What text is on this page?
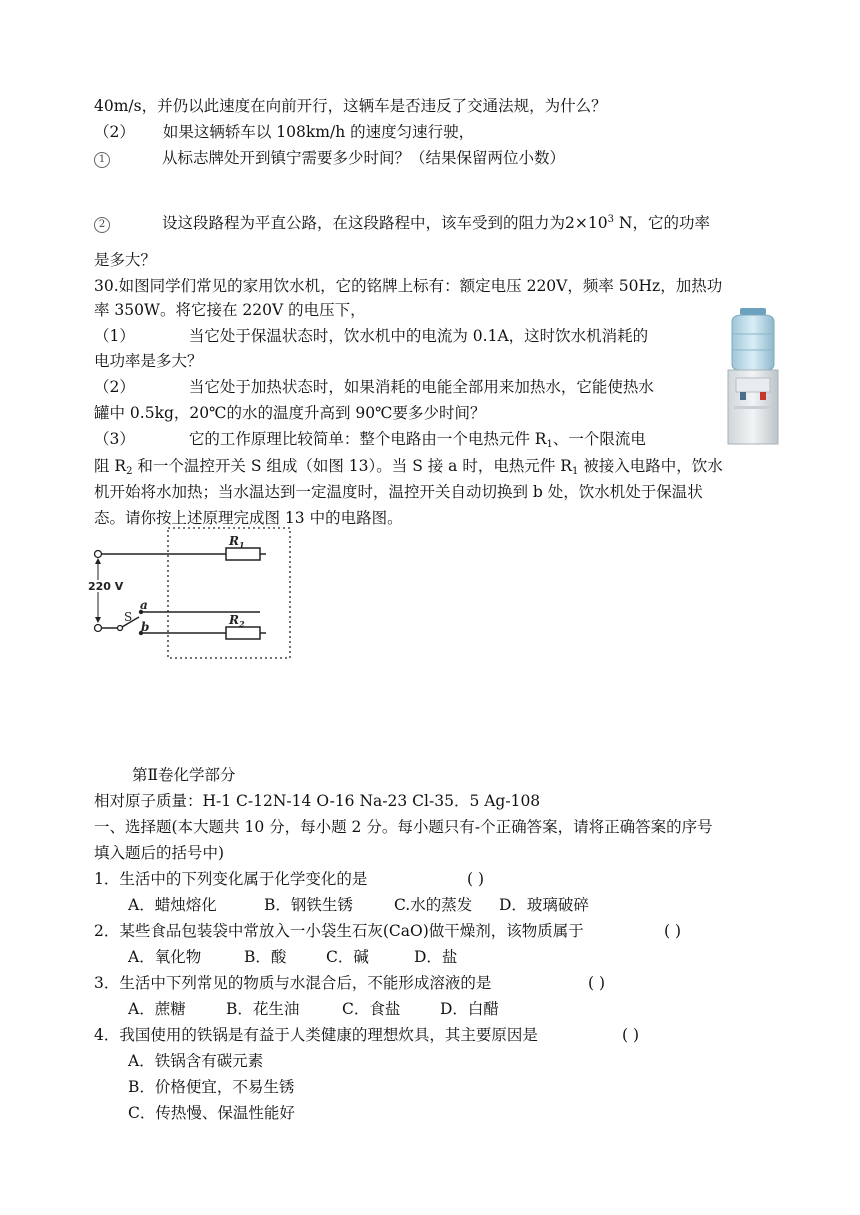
40m/s，并仍以此速度在向前开行，这辆车是否违反了交通法规，为什么？
（2） 如果这辆轿车以 108km/h 的速度匀速行驶，
1	从标志牌处开到镇宁需要多少时间？（结果保留两位小数）
2	设这段路程为平直公路，在这段路程中，该车受到的阻力为$2\times 10^3$ N，它的功率
是多大？
30.如图同学们常见的家用饮水机，它的铭牌上标有：额定电压 220V，频率 50Hz，加热功
率 350W。将它接在 220V 的电压下，
（1）	当它处于保温状态时，饮水机中的电流为 0.1A，这时饮水机消耗的
电功率是多大？
（2）	当它处于加热状态时，如果消耗的电能全部用来加热水，它能使热水
罐中 0.5kg，20℃的水的温度升高到 90℃要多少时间？
（3）	它的工作原理比较简单：整个电路由一个电热元件 $R_1$、一个限流电
阻 $R_2$ 和一个温控开关 S 组成（如图 13）。当 S 接 a 时，电热元件 $R_1$ 被接入电路中，饮水
机开始将水加热；当水温达到一定温度时，温控开关自动切换到 b 处，饮水机处于保温状
态。请你按上述原理完成图 13 中的电路图。
$R_1$
$R_2$
220 V
S
a
b
第Ⅱ卷化学部分
相对原子质量：H-1 C-12N-14 O-16 Na-23 Cl-35．5 Ag-108
一、选择题(本大题共 10 分，每小题 2 分。每小题只有-个正确答案，请将正确答案的序号
填入题后的括号中)
1．生活中的下列变化属于化学变化的是	( )
A．蜡烛熔化	B．钢铁生锈	C.水的蒸发 D．玻璃破碎
2．某些食品包装袋中常放入一小袋生石灰(CaO)做干燥剂，该物质属于	( )
A．氧化物	B．酸	C．碱	D．盐
3．生活中下列常见的物质与水混合后，不能形成溶液的是	( )
A．蔗糖	B．花生油	C．食盐	D．白醋
4．我国使用的铁锅是有益于人类健康的理想炊具，其主要原因是	( )
A．铁锅含有碳元素
B．价格便宜，不易生锈
C．传热慢、保温性能好
